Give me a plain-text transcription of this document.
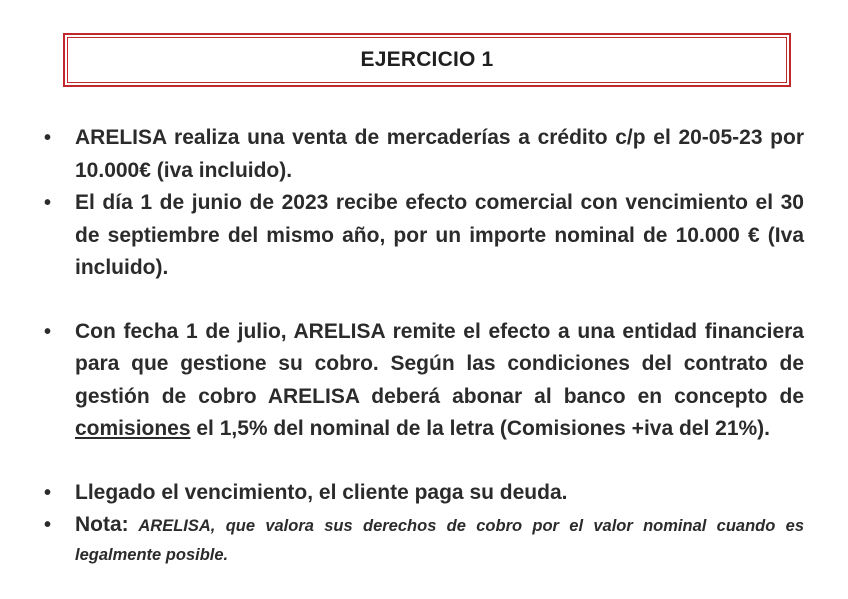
EJERCICIO 1
•	ARELISA realiza una venta de mercaderías a crédito c/p el 20-05-23 por 10.000€ (iva incluido).
•	El día 1 de junio de 2023 recibe efecto comercial con vencimiento el 30 de septiembre del mismo año, por un importe nominal de 10.000 € (Iva incluido).
•	Con fecha 1 de julio, ARELISA remite el efecto a una entidad financiera para que gestione su cobro. Según las condiciones del contrato de gestión de cobro ARELISA deberá abonar al banco en concepto de comisiones el 1,5% del nominal de la letra (Comisiones +iva del 21%).
•	Llegado el vencimiento, el cliente paga su deuda.
•	Nota: ARELISA, que valora sus derechos de cobro por el valor nominal cuando es legalmente posible.
